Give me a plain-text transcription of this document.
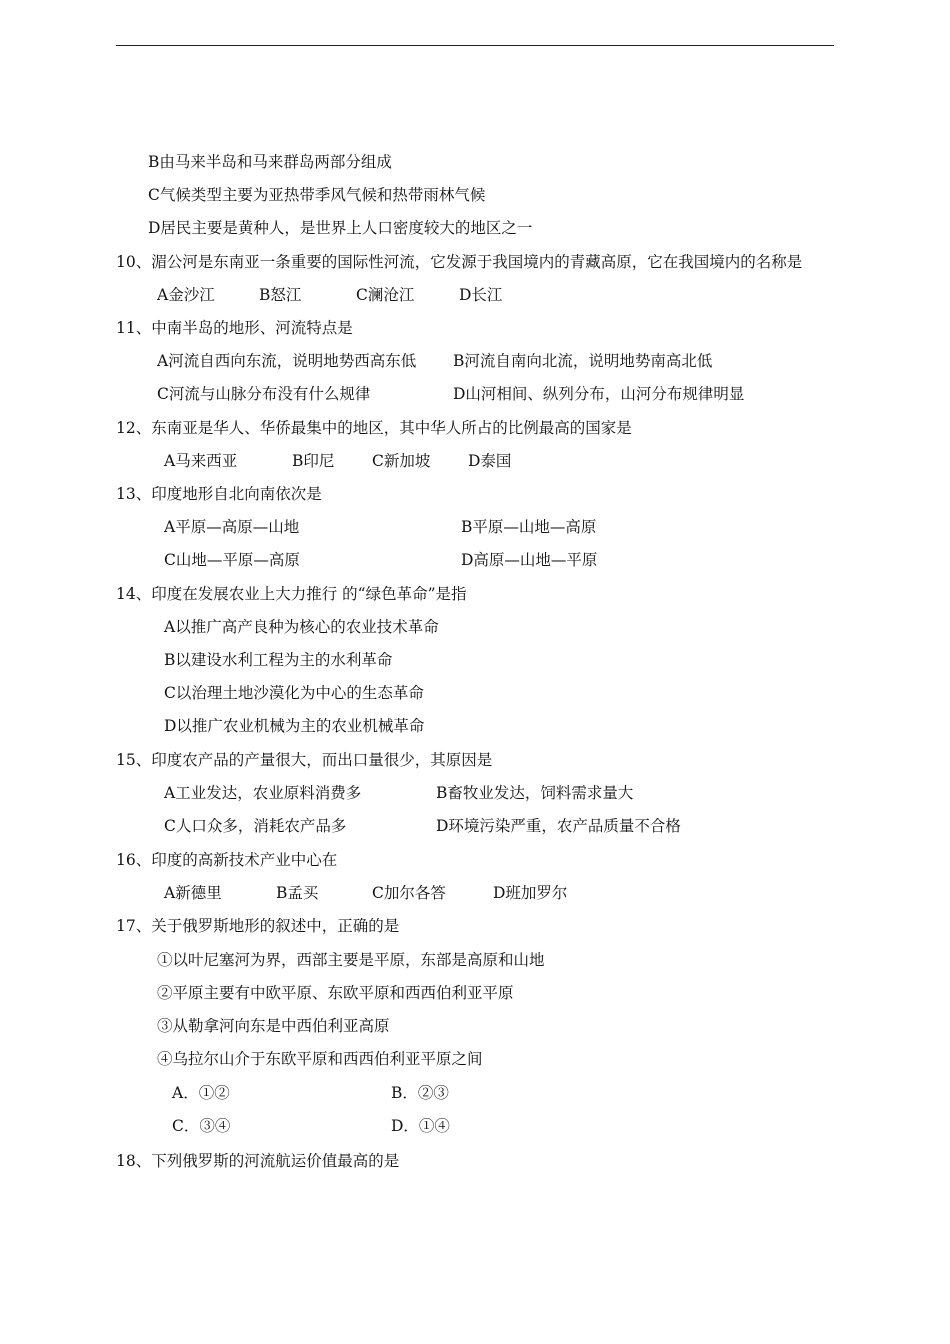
B由马来半岛和马来群岛两部分组成
C气候类型主要为亚热带季风气候和热带雨林气候
D居民主要是黄种人，是世界上人口密度较大的地区之一
10、湄公河是东南亚一条重要的国际性河流，它发源于我国境内的青藏高原，它在我国境内的名称是
A金沙江	B怒江	C澜沧江	D长江
11、中南半岛的地形、河流特点是
A河流自西向东流，说明地势西高东低 B河流自南向北流，说明地势南高北低
C河流与山脉分布没有什么规律	D山河相间、纵列分布，山河分布规律明显
12、东南亚是华人、华侨最集中的地区，其中华人所占的比例最高的国家是
A马来西亚	B印尼 C新加坡 D泰国
13、印度地形自北向南依次是
A平原—高原—山地	B平原—山地—高原
C山地—平原—高原	D高原—山地—平原
14、印度在发展农业上大力推行 的“绿色革命”是指
A以推广高产良种为核心的农业技术革命
B以建设水利工程为主的水利革命
C以治理土地沙漠化为中心的生态革命
D以推广农业机械为主的农业机械革命
15、印度农产品的产量很大，而出口量很少，其原因是
A工业发达，农业原料消费多	B畜牧业发达，饲料需求量大
C人口众多，消耗农产品多	D环境污染严重，农产品质量不合格
16、印度的高新技术产业中心在
A新德里	B孟买	C加尔各答	D班加罗尔
17、关于俄罗斯地形的叙述中，正确的是
①以叶尼塞河为界，西部主要是平原，东部是高原和山地
②平原主要有中欧平原、东欧平原和西西伯利亚平原
③从勒拿河向东是中西伯利亚高原
④乌拉尔山介于东欧平原和西西伯利亚平原之间
A．①②	B．②③
C．③④	D．①④
18、下列俄罗斯的河流航运价值最高的是
